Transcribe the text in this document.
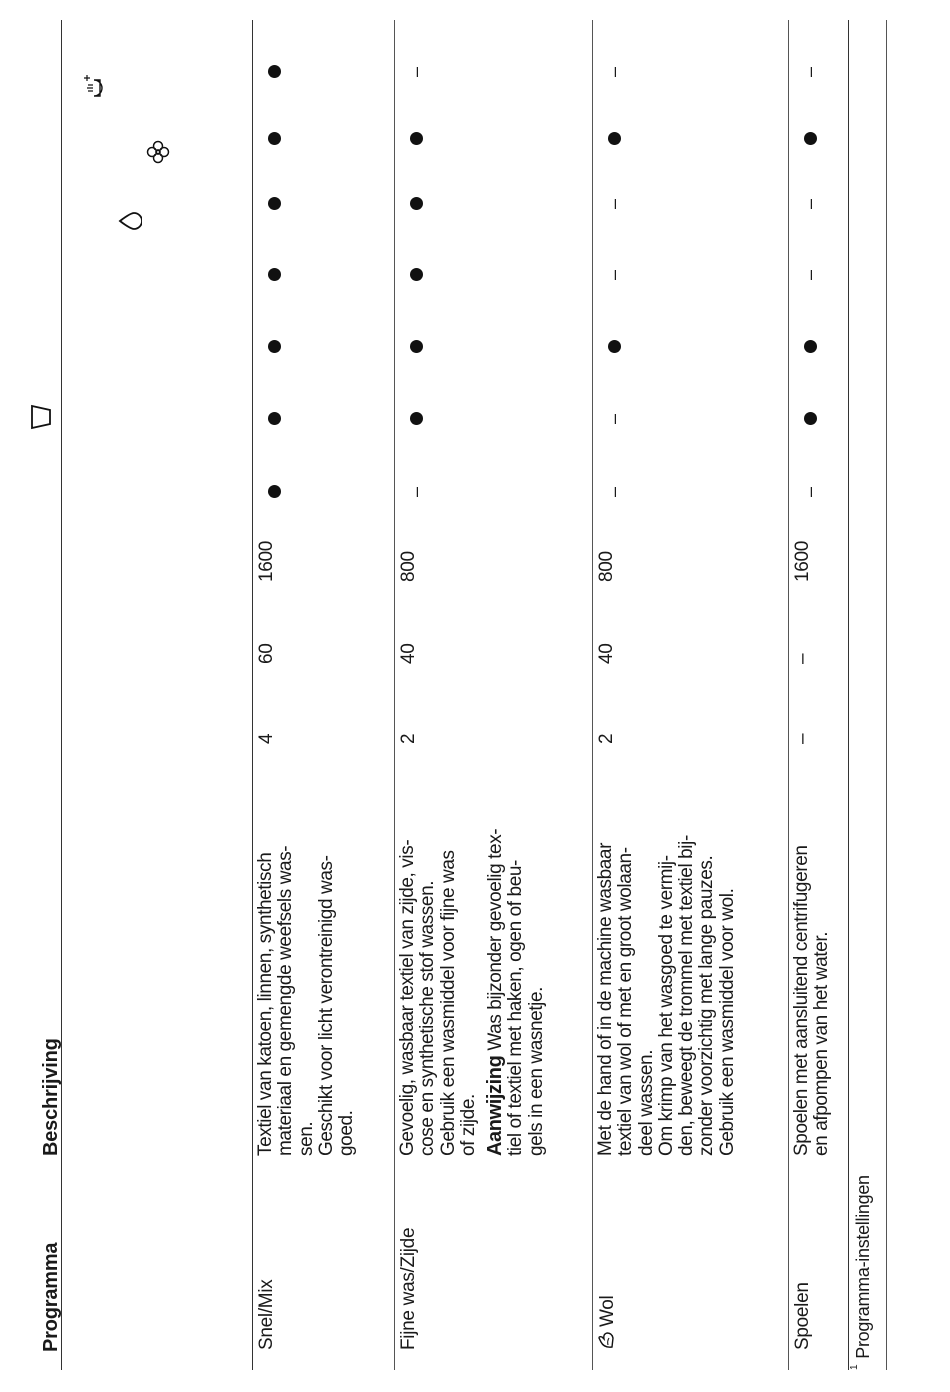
Programma
Beschrijving
Snel/Mix
Textiel van katoen, linnen, synthetisch materiaal en gemengde weefsels was- sen. Geschikt voor licht verontreinigd was- goed.
4
60
1600
Fijne was/Zijde
Gevoelig, wasbaar textiel van zijde, vis- cose en synthetische stof wassen. Gebruik een wasmiddel voor fijne was of zijde. Aanwijzing Was bijzonder gevoelig tex- tiel of textiel met haken, ogen of beu- gels in een wasnetje.
2
40
800
–
–
Wol
Met de hand of in de machine wasbaar textiel van wol of met en groot wolaan- deel wassen. Om krimp van het wasgoed te vermij- den, beweegt de trommel met textiel bij- zonder voorzichtig met lange pauzes. Gebruik een wasmiddel voor wol.
2
40
800
–
–
–
–
–
Spoelen
Spoelen met aansluitend centrifugeren en afpompen van het water.
–
–
1600
–
–
–
–
$^1$Programma-instellingen
